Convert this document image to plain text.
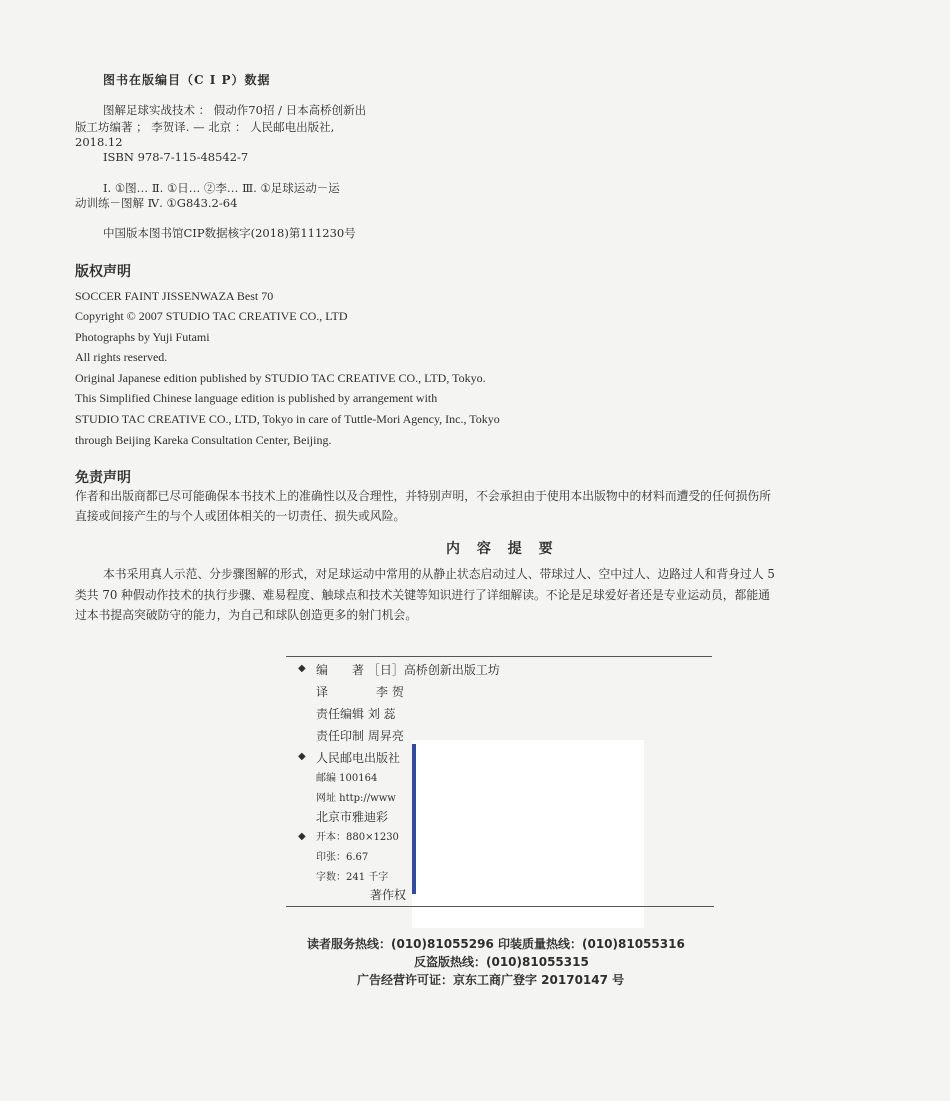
图书在版编目（C I P）数据
图解足球实战技术 ： 假动作70招 / 日本高桥创新出
版工坊编著 ； 李贺译. — 北京 ： 人民邮电出版社,
2018.12
ISBN 978-7-115-48542-7
Ⅰ. ①图… Ⅱ. ①日… ②李… Ⅲ. ①足球运动－运
动训练－图解 Ⅳ. ①G843.2-64
中国版本图书馆CIP数据核字(2018)第111230号
版权声明
SOCCER FAINT JISSENWAZA Best 70
Copyright © 2007 STUDIO TAC CREATIVE CO., LTD
Photographs by Yuji Futami
All rights reserved.
Original Japanese edition published by STUDIO TAC CREATIVE CO., LTD, Tokyo.
This Simplified Chinese language edition is published by arrangement with
STUDIO TAC CREATIVE CO., LTD, Tokyo in care of Tuttle-Mori Agency, Inc., Tokyo
through Beijing Kareka Consultation Center, Beijing.
免责声明
作者和出版商都已尽可能确保本书技术上的准确性以及合理性，并特别声明，不会承担由于使用本出版物中的材料而遭受的任何损伤所
直接或间接产生的与个人或团体相关的一切责任、损失或风险。
内 容 提 要
本书采用真人示范、分步骤图解的形式，对足球运动中常用的从静止状态启动过人、带球过人、空中过人、边路过人和背身过人 5
类共 70 种假动作技术的执行步骤、难易程度、触球点和技术关键等知识进行了详细解读。不论是足球爱好者还是专业运动员，都能通
过本书提高突破防守的能力，为自己和球队创造更多的射门机会。
◆ 编　　著 ［日］高桥创新出版工坊
译　　　　李 贺
责任编辑 刘 蕊
责任印制 周昇亮
◆ 人民邮电出版社
邮编 100164
网址 http://www
北京市雅迪彩
◆ 开本：880×1230
印张：6.67
字数：241 千字
著作权
读者服务热线：(010)81055296 印装质量热线：(010)81055316
反盗版热线：(010)81055315
广告经营许可证：京东工商广登字 20170147 号
